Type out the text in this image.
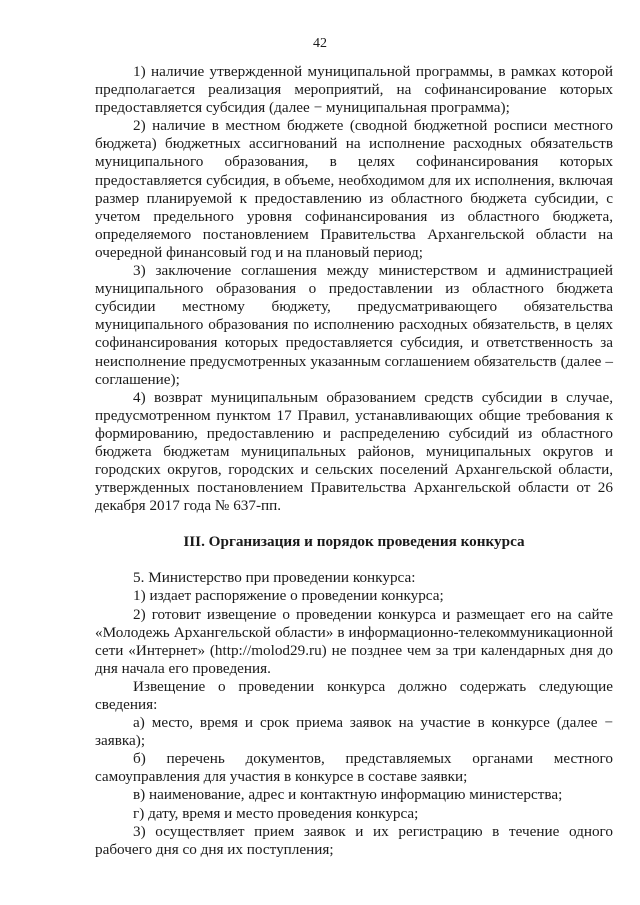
42

1) наличие утвержденной муниципальной программы, в рамках которой предполагается реализация мероприятий, на софинансирование которых предоставляется субсидия (далее − муниципальная программа);

2) наличие в местном бюджете (сводной бюджетной росписи местного бюджета) бюджетных ассигнований на исполнение расходных обязательств муниципального образования, в целях софинансирования которых предоставляется субсидия, в объеме, необходимом для их исполнения, включая размер планируемой к предоставлению из областного бюджета субсидии, с учетом предельного уровня софинансирования из областного бюджета, определяемого постановлением Правительства Архангельской области на очередной финансовый год и на плановый период;

3) заключение соглашения между министерством и администрацией муниципального образования о предоставлении из областного бюджета субсидии местному бюджету, предусматривающего обязательства муниципального образования по исполнению расходных обязательств, в целях софинансирования которых предоставляется субсидия, и ответственность за неисполнение предусмотренных указанным соглашением обязательств (далее – соглашение);

4) возврат муниципальным образованием средств субсидии в случае, предусмотренном пунктом 17 Правил, устанавливающих общие требования к формированию, предоставлению и распределению субсидий из областного бюджета бюджетам муниципальных районов, муниципальных округов и городских округов, городских и сельских поселений Архангельской области, утвержденных постановлением Правительства Архангельской области от 26 декабря 2017 года № 637-пп.

III. Организация и порядок проведения конкурса

5. Министерство при проведении конкурса:

1) издает распоряжение о проведении конкурса;

2) готовит извещение о проведении конкурса и размещает его на сайте «Молодежь Архангельской области» в информационно-телекоммуникационной сети «Интернет» (http://molod29.ru) не позднее чем за три календарных дня до дня начала его проведения.

Извещение о проведении конкурса должно содержать следующие сведения:

а) место, время и срок приема заявок на участие в конкурсе (далее − заявка);

б) перечень документов, представляемых органами местного самоуправления для участия в конкурсе в составе заявки;

в) наименование, адрес и контактную информацию министерства;

г) дату, время и место проведения конкурса;

3) осуществляет прием заявок и их регистрацию в течение одного рабочего дня со дня их поступления;
